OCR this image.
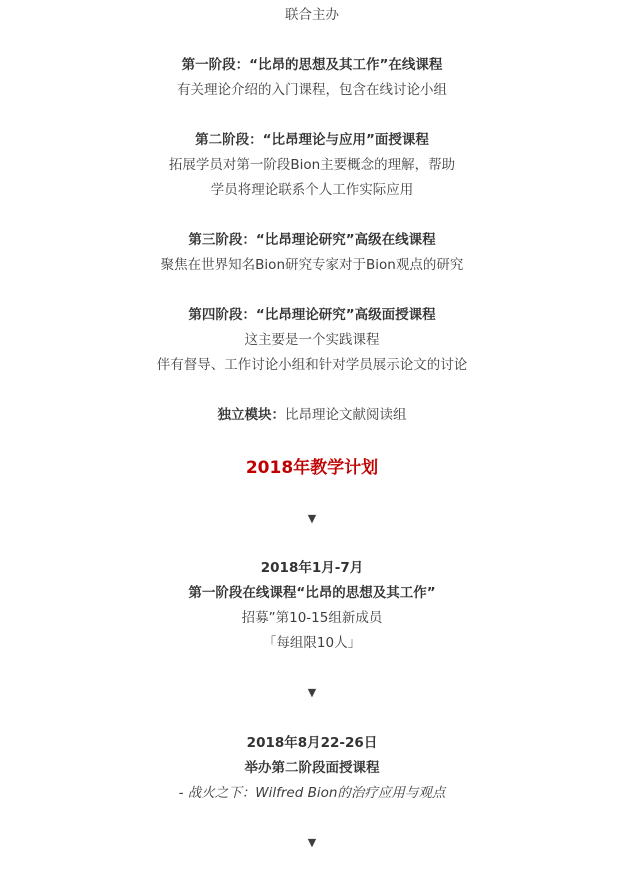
联合主办
第一阶段：“比昂的思想及其工作”在线课程
有关理论介绍的入门课程，包含在线讨论小组
第二阶段：“比昂理论与应用”面授课程
拓展学员对第一阶段Bion主要概念的理解，帮助
学员将理论联系个人工作实际应用
第三阶段：“比昂理论研究”高级在线课程
聚焦在世界知名Bion研究专家对于Bion观点的研究
第四阶段：“比昂理论研究”高级面授课程
这主要是一个实践课程
伴有督导、工作讨论小组和针对学员展示论文的讨论
独立模块：比昂理论文献阅读组
2018年教学计划
▼
2018年1月-7月
第一阶段在线课程“比昂的思想及其工作”
招募”第10-15组新成员
「每组限10人」
▼
2018年8月22-26日
举办第二阶段面授课程
- 战火之下：Wilfred Bion的治疗应用与观点
▼
